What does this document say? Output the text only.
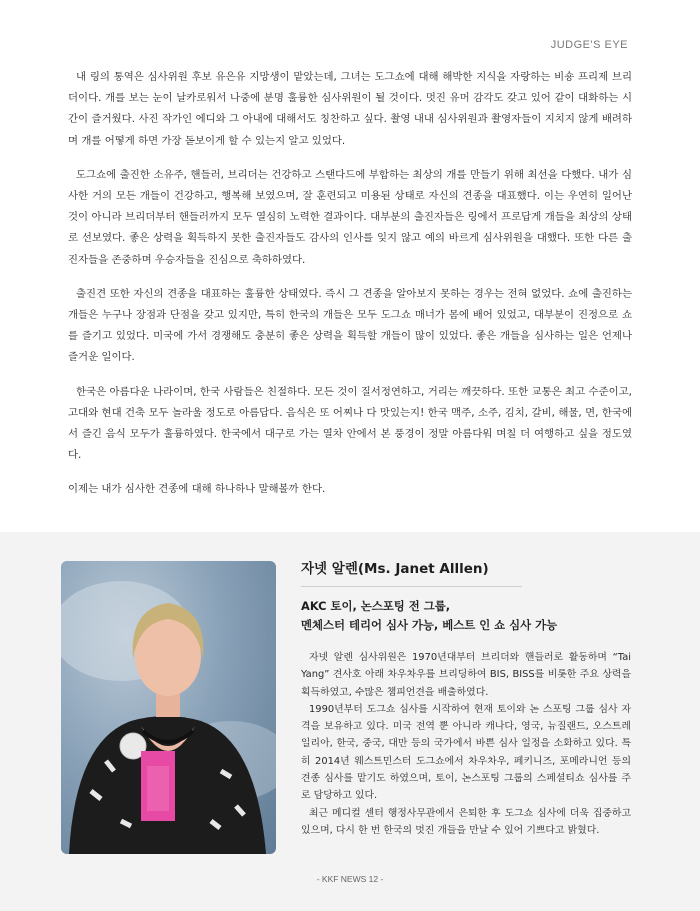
JUDGE'S EYE

내 링의 통역은 심사위원 후보 유은유 지망생이 맡았는데, 그녀는 도그쇼에 대해 해박한 지식을 자랑하는 비숑 프리제 브리더이다. 개를 보는 눈이 날카로워서 나중에 분명 훌륭한 심사위원이 될 것이다. 멋진 유머 감각도 갖고 있어 같이 대화하는 시간이 즐거웠다. 사진 작가인 에디와 그 아내에 대해서도 칭찬하고 싶다. 촬영 내내 심사위원과 촬영자들이 지치지 않게 배려하며 개를 어떻게 하면 가장 돋보이게 할 수 있는지 알고 있었다.

도그쇼에 출진한 소유주, 핸들러, 브리더는 건강하고 스탠다드에 부합하는 최상의 개를 만들기 위해 최선을 다했다. 내가 심사한 거의 모든 개들이 건강하고, 행복해 보였으며, 잘 훈련되고 미용된 상태로 자신의 견종을 대표했다. 이는 우연히 일어난 것이 아니라 브리더부터 핸들러까지 모두 열심히 노력한 결과이다. 대부분의 출진자들은 링에서 프로답게 개들을 최상의 상태로 선보였다. 좋은 상력을 획득하지 못한 출진자들도 감사의 인사를 잊지 않고 예의 바르게 심사위원을 대했다. 또한 다른 출진자들을 존중하며 우승자들을 진심으로 축하하였다.

출진견 또한 자신의 견종을 대표하는 훌륭한 상태였다. 즉시 그 견종을 알아보지 못하는 경우는 전혀 없었다. 쇼에 출진하는 개들은 누구나 장점과 단점을 갖고 있지만, 특히 한국의 개들은 모두 도그쇼 매너가 몸에 배어 있었고, 대부분이 진정으로 쇼를 즐기고 있었다. 미국에 가서 경쟁해도 충분히 좋은 상력을 획득할 개들이 많이 있었다. 좋은 개들을 심사하는 일은 언제나 즐거운 일이다.

한국은 아름다운 나라이며, 한국 사람들은 친절하다. 모든 것이 질서정연하고, 거리는 깨끗하다. 또한 교통은 최고 수준이고, 고대와 현대 건축 모두 놀라울 정도로 아름답다. 음식은 또 어찌나 다 맛있는지! 한국 맥주, 소주, 김치, 갈비, 해물, 면, 한국에서 즐긴 음식 모두가 훌륭하였다. 한국에서 대구로 가는 열차 안에서 본 풍경이 정말 아름다워 며칠 더 여행하고 싶을 정도였다.

이제는 내가 심사한 견종에 대해 하나하나 말해볼까 한다.

자넷 알렌(Ms. Janet Alllen)
AKC 토이, 논스포팅 전 그룹,
멘체스터 테리어 심사 가능, 베스트 인 쇼 심사 가능

자넷 알렌 심사위원은 1970년대부터 브리더와 핸들러로 활동하며 “Tai Yang” 견사호 아래 차우차우를 브리딩하여 BIS, BISS를 비롯한 주요 상력을 획득하였고, 수많은 챔피언견을 배출하였다.

1990년부터 도그쇼 심사를 시작하여 현재 토이와 논 스포팅 그룹 심사 자격을 보유하고 있다. 미국 전역 뿐 아니라 캐나다, 영국, 뉴질랜드, 오스트레일리아, 한국, 중국, 대만 등의 국가에서 바쁜 심사 일정을 소화하고 있다. 특히 2014년 웨스트민스터 도그쇼에서 차우차우, 페키니즈, 포메라니언 등의 견종 심사를 맡기도 하였으며, 토이, 논스포팅 그룹의 스페셜티쇼 심사를 주로 담당하고 있다.

최근 메디컬 센터 행정사무관에서 은퇴한 후 도그쇼 심사에 더욱 집중하고 있으며, 다시 한 번 한국의 멋진 개들을 만날 수 있어 기쁘다고 밝혔다.

- KKF NEWS 12 -
